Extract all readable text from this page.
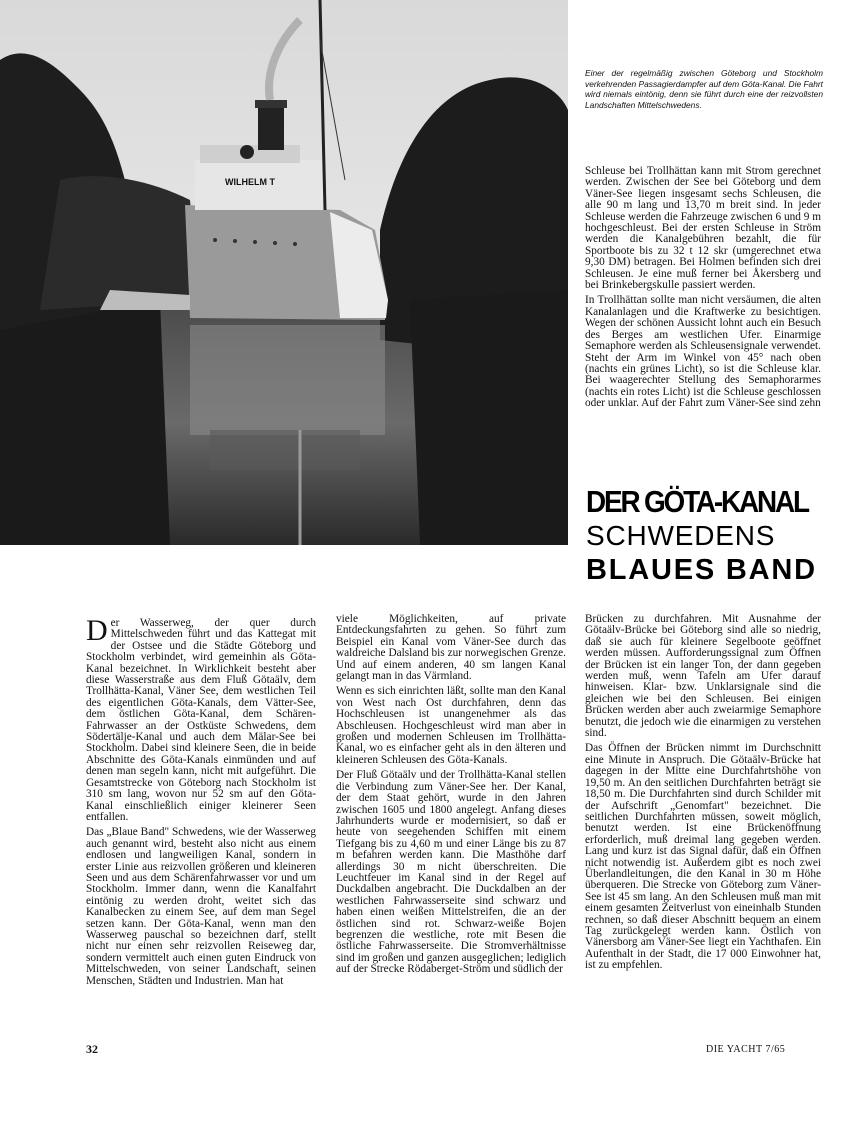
WILHELM T

Einer der regelmäßig zwischen Göteborg und Stockholm verkehrenden Passagierdampfer auf dem Göta-Kanal. Die Fahrt wird niemals eintönig, denn sie führt durch eine der reizvollsten Landschaften Mittelschwedens.

Schleuse bei Trollhättan kann mit Strom gerechnet werden. Zwischen der See bei Göteborg und dem Väner-See liegen insgesamt sechs Schleusen, die alle 90 m lang und 13,70 m breit sind. In jeder Schleuse werden die Fahrzeuge zwischen 6 und 9 m hochgeschleust. Bei der ersten Schleuse in Ström werden die Kanalgebühren bezahlt, die für Sportboote bis zu 32 t 12 skr (umgerechnet etwa 9,30 DM) betragen. Bei Holmen befinden sich drei Schleusen. Je eine muß ferner bei Åkersberg und bei Brinkebergskulle passiert werden.

In Trollhättan sollte man nicht versäumen, die alten Kanalanlagen und die Kraftwerke zu besichtigen. Wegen der schönen Aussicht lohnt auch ein Besuch des Berges am westlichen Ufer. Einarmige Semaphore werden als Schleusensignale verwendet. Steht der Arm im Winkel von 45° nach oben (nachts ein grünes Licht), so ist die Schleuse klar. Bei waagerechter Stellung des Semaphorarmes (nachts ein rotes Licht) ist die Schleuse geschlossen oder unklar. Auf der Fahrt zum Väner-See sind zehn

DER GÖTA-KANAL
SCHWEDENS
BLAUES BAND

Der Wasserweg, der quer durch Mittelschweden führt und das Kattegat mit der Ostsee und die Städte Göteborg und Stockholm verbindet, wird gemeinhin als Göta-Kanal bezeichnet. In Wirklichkeit besteht aber diese Wasserstraße aus dem Fluß Götaälv, dem Trollhätta-Kanal, Väner See, dem westlichen Teil des eigentlichen Göta-Kanals, dem Vätter-See, dem östlichen Göta-Kanal, dem Schären-Fahrwasser an der Ostküste Schwedens, dem Södertälje-Kanal und auch dem Mälar-See bei Stockholm. Dabei sind kleinere Seen, die in beide Abschnitte des Göta-Kanals einmünden und auf denen man segeln kann, nicht mit aufgeführt. Die Gesamtstrecke von Göteborg nach Stockholm ist 310 sm lang, wovon nur 52 sm auf den Göta-Kanal einschließlich einiger kleinerer Seen entfallen.

Das „Blaue Band" Schwedens, wie der Wasserweg auch genannt wird, besteht also nicht aus einem endlosen und langweiligen Kanal, sondern in erster Linie aus reizvollen größeren und kleineren Seen und aus dem Schärenfahrwasser vor und um Stockholm. Immer dann, wenn die Kanalfahrt eintönig zu werden droht, weitet sich das Kanalbecken zu einem See, auf dem man Segel setzen kann. Der Göta-Kanal, wenn man den Wasserweg pauschal so bezeichnen darf, stellt nicht nur einen sehr reizvollen Reiseweg dar, sondern vermittelt auch einen guten Eindruck von Mittelschweden, von seiner Landschaft, seinen Menschen, Städten und Industrien. Man hat

viele Möglichkeiten, auf private Entdeckungsfahrten zu gehen. So führt zum Beispiel ein Kanal vom Väner-See durch das waldreiche Dalsland bis zur norwegischen Grenze. Und auf einem anderen, 40 sm langen Kanal gelangt man in das Värmland.

Wenn es sich einrichten läßt, sollte man den Kanal von West nach Ost durchfahren, denn das Hochschleusen ist unangenehmer als das Abschleusen. Hochgeschleust wird man aber in großen und modernen Schleusen im Trollhätta-Kanal, wo es einfacher geht als in den älteren und kleineren Schleusen des Göta-Kanals.

Der Fluß Götaälv und der Trollhätta-Kanal stellen die Verbindung zum Väner-See her. Der Kanal, der dem Staat gehört, wurde in den Jahren zwischen 1605 und 1800 angelegt. Anfang dieses Jahrhunderts wurde er modernisiert, so daß er heute von seegehenden Schiffen mit einem Tiefgang bis zu 4,60 m und einer Länge bis zu 87 m befahren werden kann. Die Masthöhe darf allerdings 30 m nicht überschreiten. Die Leuchtfeuer im Kanal sind in der Regel auf Duckdalben angebracht. Die Duckdalben an der westlichen Fahrwasserseite sind schwarz und haben einen weißen Mittelstreifen, die an der östlichen sind rot. Schwarz-weiße Bojen begrenzen die westliche, rote mit Besen die östliche Fahrwasserseite. Die Stromverhältnisse sind im großen und ganzen ausgeglichen; lediglich auf der Strecke Rödaberget-Ström und südlich der

Brücken zu durchfahren. Mit Ausnahme der Götaälv-Brücke bei Göteborg sind alle so niedrig, daß sie auch für kleinere Segelboote geöffnet werden müssen. Aufforderungssignal zum Öffnen der Brücken ist ein langer Ton, der dann gegeben werden muß, wenn Tafeln am Ufer darauf hinweisen. Klar- bzw. Unklarsignale sind die gleichen wie bei den Schleusen. Bei einigen Brücken werden aber auch zweiarmige Semaphore benutzt, die jedoch wie die einarmigen zu verstehen sind.

Das Öffnen der Brücken nimmt im Durchschnitt eine Minute in Anspruch. Die Götaälv-Brücke hat dagegen in der Mitte eine Durchfahrtshöhe von 19,50 m. An den seitlichen Durchfahrten beträgt sie 18,50 m. Die Durchfahrten sind durch Schilder mit der Aufschrift „Genomfart" bezeichnet. Die seitlichen Durchfahrten müssen, soweit möglich, benutzt werden. Ist eine Brückenöffnung erforderlich, muß dreimal lang gegeben werden. Lang und kurz ist das Signal dafür, daß ein Öffnen nicht notwendig ist. Außerdem gibt es noch zwei Überlandleitungen, die den Kanal in 30 m Höhe überqueren. Die Strecke von Göteborg zum Väner-See ist 45 sm lang. An den Schleusen muß man mit einem gesamten Zeitverlust von eineinhalb Stunden rechnen, so daß dieser Abschnitt bequem an einem Tag zurückgelegt werden kann. Östlich von Vänersborg am Väner-See liegt ein Yachthafen. Ein Aufenthalt in der Stadt, die 17 000 Einwohner hat, ist zu empfehlen.

32	DIE YACHT 7/65
